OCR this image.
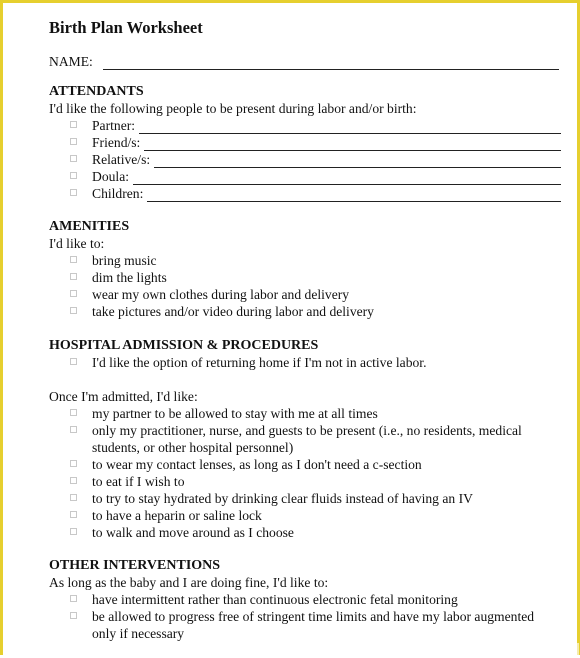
Birth Plan Worksheet
NAME:
ATTENDANTS
I'd like the following people to be present during labor and/or birth:
Partner:
Friend/s:
Relative/s:
Doula:
Children:
AMENITIES
I'd like to:
bring music
dim the lights
wear my own clothes during labor and delivery
take pictures and/or video during labor and delivery
HOSPITAL ADMISSION & PROCEDURES
I'd like the option of returning home if I'm not in active labor.
Once I'm admitted, I'd like:
my partner to be allowed to stay with me at all times
only my practitioner, nurse, and guests to be present (i.e., no residents, medical students, or other hospital personnel)
to wear my contact lenses, as long as I don't need a c-section
to eat if I wish to
to try to stay hydrated by drinking clear fluids instead of having an IV
to have a heparin or saline lock
to walk and move around as I choose
OTHER INTERVENTIONS
As long as the baby and I are doing fine, I'd like to:
have intermittent rather than continuous electronic fetal monitoring
be allowed to progress free of stringent time limits and have my labor augmented only if necessary
